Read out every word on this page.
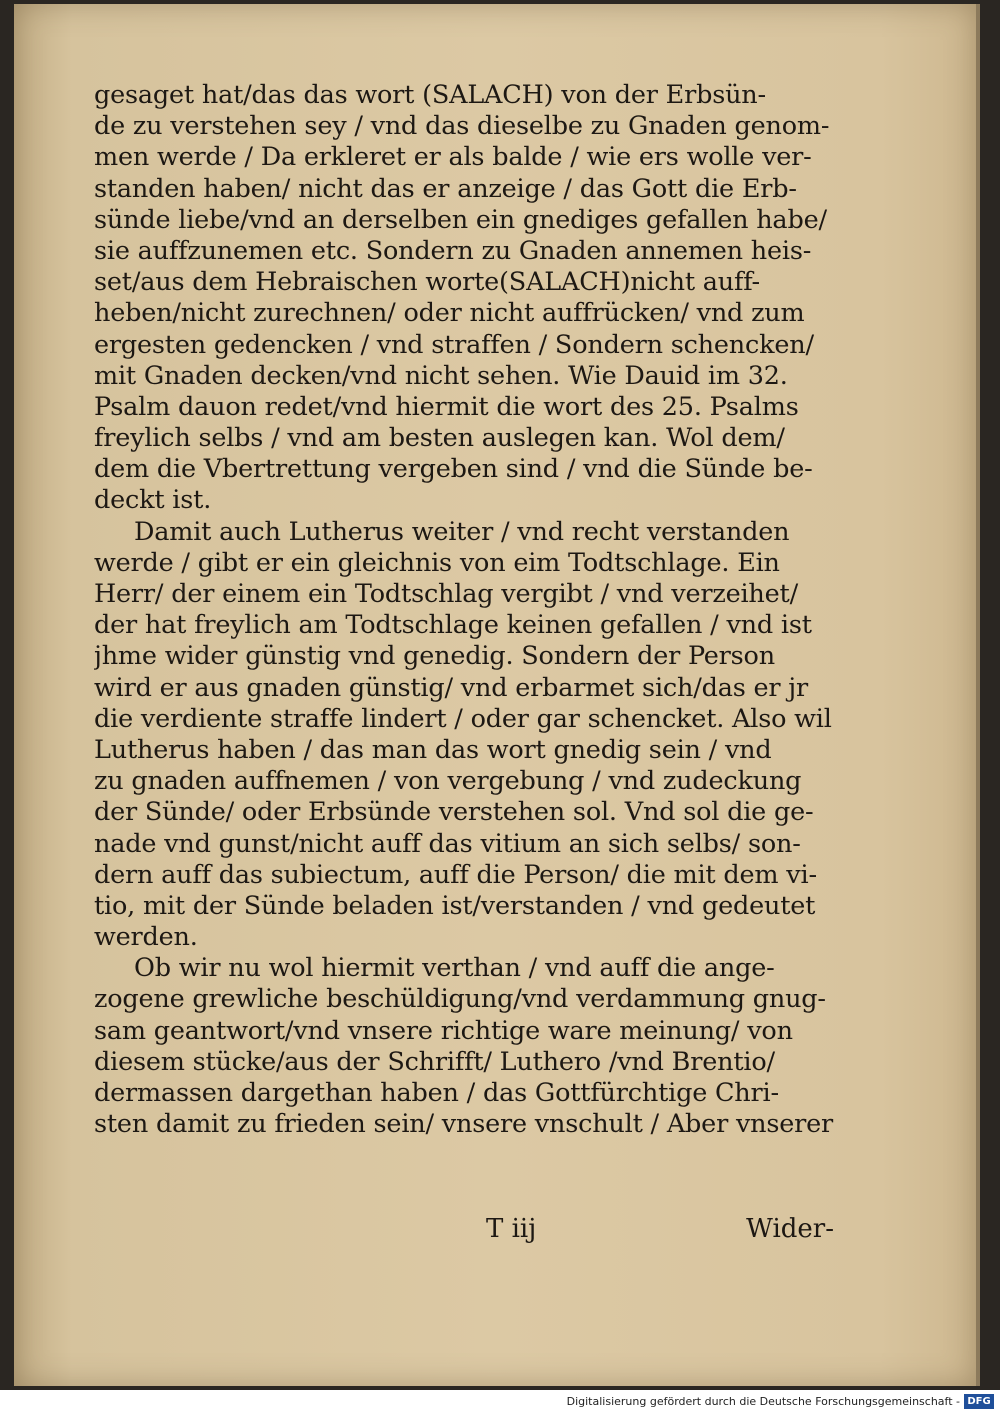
gesaget hat/das das wort (SALACH) von der Erbsün-
de zu verstehen sey / vnd das dieselbe zu Gnaden genom-
men werde / Da erkleret er als balde / wie ers wolle ver-
standen haben/ nicht das er anzeige / das Gott die Erb-
sünde liebe/vnd an derselben ein gnediges gefallen habe/
sie auffzunemen etc. Sondern zu Gnaden annemen heis-
set/aus dem Hebraischen worte(SALACH)nicht auff-
heben/nicht zurechnen/ oder nicht auffrücken/ vnd zum
ergesten gedencken / vnd straffen / Sondern schencken/
mit Gnaden decken/vnd nicht sehen. Wie Dauid im 32.
Psalm dauon redet/vnd hiermit die wort des 25. Psalms
freylich selbs / vnd am besten auslegen kan. Wol dem/
dem die Vbertrettung vergeben sind / vnd die Sünde be-
deckt ist.
Damit auch Lutherus weiter / vnd recht verstanden
werde / gibt er ein gleichnis von eim Todtschlage. Ein
Herr/ der einem ein Todtschlag vergibt / vnd verzeihet/
der hat freylich am Todtschlage keinen gefallen / vnd ist
jhme wider günstig vnd genedig. Sondern der Person
wird er aus gnaden günstig/ vnd erbarmet sich/das er jr
die verdiente straffe lindert / oder gar schencket. Also wil
Lutherus haben / das man das wort gnedig sein / vnd
zu gnaden auffnemen / von vergebung / vnd zudeckung
der Sünde/ oder Erbsünde verstehen sol. Vnd sol die ge-
nade vnd gunst/nicht auff das vitium an sich selbs/ son-
dern auff das subiectum, auff die Person/ die mit dem vi-
tio, mit der Sünde beladen ist/verstanden / vnd gedeutet
werden.
Ob wir nu wol hiermit verthan / vnd auff die ange-
zogene grewliche beschüldigung/vnd verdammung gnug-
sam geantwort/vnd vnsere richtige ware meinung/ von
diesem stücke/aus der Schrifft/ Luthero /vnd Brentio/
dermassen dargethan haben / das Gottfürchtige Chri-
sten damit zu frieden sein/ vnsere vnschult / Aber vnserer
T iij	Wider-
Digitalisierung gefördert durch die Deutsche Forschungsgemeinschaft - DFG
